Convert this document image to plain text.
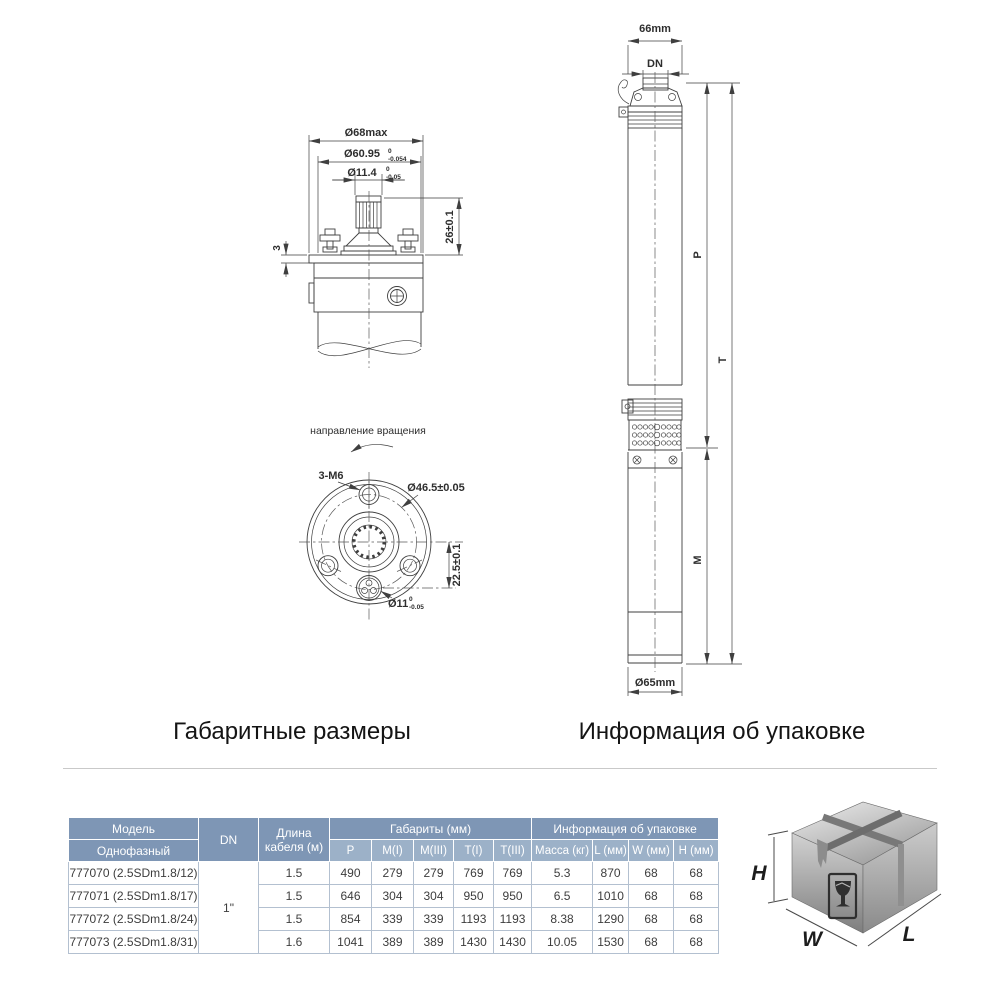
Ø68max
Ø60.95 0
-0.054
Ø11.4 0
-0.05
26±0.1
3
направление вращения
3-M6
Ø46.5±0.05
22.5±0.1
Ø11 0
-0.05
66mm
DN
P
T
M
Ø65mm
H
W	L
Габаритные размеры	Информация об упаковке
Модель	DN	Длина кабеля (м)	Габариты (мм)					Информация об упаковке			
Однофазный			P	M(I)	M(III)	T(I)	T(III)	Масса (кг)	L (мм)	W (мм)	H (мм)
777070 (2.5SDm1.8/12)	1"	1.5	490	279	279	769	769	5.3	870	68	68
777071 (2.5SDm1.8/17)		1.5	646	304	304	950	950	6.5	1010	68	68
777072 (2.5SDm1.8/24)		1.5	854	339	339	1193	1193	8.38	1290	68	68
777073 (2.5SDm1.8/31)		1.6	1041	389	389	1430	1430	10.05	1530	68	68
